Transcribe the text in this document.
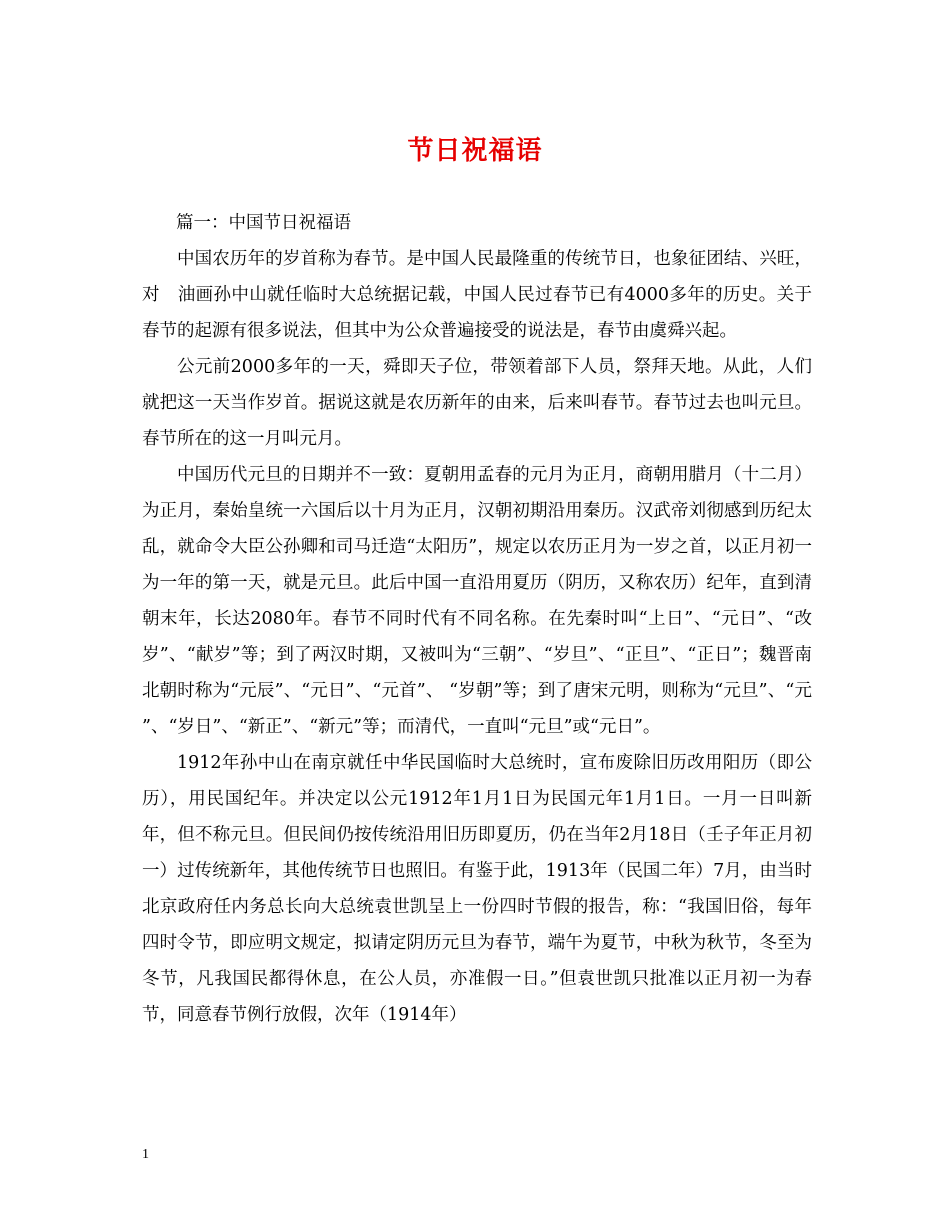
节日祝福语

篇一：中国节日祝福语

中国农历年的岁首称为春节。是中国人民最隆重的传统节日，也象征团结、兴旺，对　油画孙中山就任临时大总统据记载，中国人民过春节已有4000多年的历史。关于春节的起源有很多说法，但其中为公众普遍接受的说法是，春节由虞舜兴起。

公元前2000多年的一天，舜即天子位，带领着部下人员，祭拜天地。从此，人们就把这一天当作岁首。据说这就是农历新年的由来，后来叫春节。春节过去也叫元旦。春节所在的这一月叫元月。

中国历代元旦的日期并不一致：夏朝用孟春的元月为正月，商朝用腊月（十二月）为正月，秦始皇统一六国后以十月为正月，汉朝初期沿用秦历。汉武帝刘彻感到历纪太乱，就命令大臣公孙卿和司马迁造“太阳历”，规定以农历正月为一岁之首，以正月初一为一年的第一天，就是元旦。此后中国一直沿用夏历（阴历，又称农历）纪年，直到清朝末年，长达2080年。春节不同时代有不同名称。在先秦时叫“上日”、“元日”、“改岁”、“献岁”等；到了两汉时期，又被叫为“三朝”、“岁旦”、“正旦”、“正日”；魏晋南北朝时称为“元辰”、“元日”、“元首”、 “岁朝”等；到了唐宋元明，则称为“元旦”、“元 ”、“岁日”、“新正”、“新元”等；而清代，一直叫“元旦”或“元日”。

1912年孙中山在南京就任中华民国临时大总统时，宣布废除旧历改用阳历（即公历），用民国纪年。并决定以公元1912年1月1日为民国元年1月1日。一月一日叫新年，但不称元旦。但民间仍按传统沿用旧历即夏历，仍在当年2月18日（壬子年正月初一）过传统新年，其他传统节日也照旧。有鉴于此，1913年（民国二年）7月，由当时北京政府任内务总长向大总统袁世凯呈上一份四时节假的报告，称：“我国旧俗，每年四时令节，即应明文规定，拟请定阴历元旦为春节，端午为夏节，中秋为秋节，冬至为冬节，凡我国民都得休息，在公人员，亦准假一日。”但袁世凯只批准以正月初一为春节，同意春节例行放假，次年（1914年）

1
